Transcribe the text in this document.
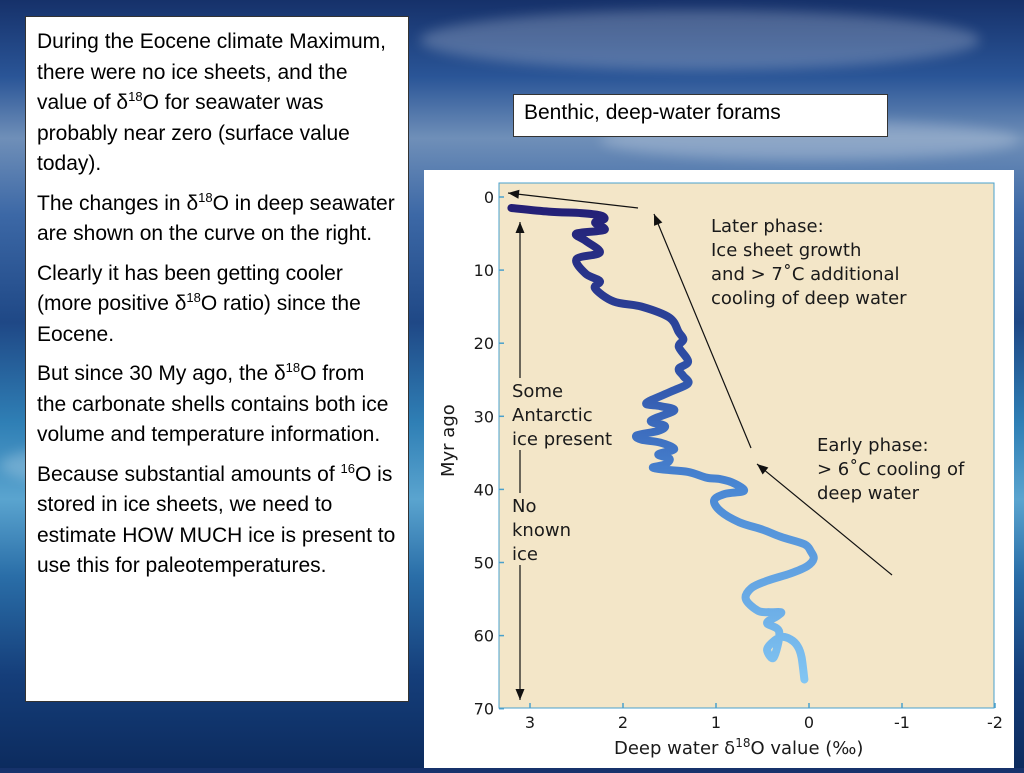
During the Eocene climate Maximum, there were no ice sheets, and the value of $\delta^{18}O$ for seawater was probably near zero (surface value today).

The changes in $\delta^{18}O$ in deep seawater are shown on the curve on the right.

Clearly it has been getting cooler (more positive $\delta^{18}O$ ratio) since the Eocene.

But since 30 My ago, the $\delta^{18}O$ from the carbonate shells contains both ice volume and temperature information.

Because substantial amounts of $^{16}$O is stored in ice sheets, we need to estimate HOW MUCH ice is present to use this for paleotemperatures.

Benthic, deep-water forams
0
10
20
30
40
50
60
70
3	2	1	0	-1	-2
Myr ago
Deep water $\delta^{18}O$ value (‰)
Later phase:
Ice sheet growth
and > 7˚C additional
cooling of deep water
Early phase:
> 6˚C cooling of
deep water
Some
Antarctic
ice present
No
known
ice
